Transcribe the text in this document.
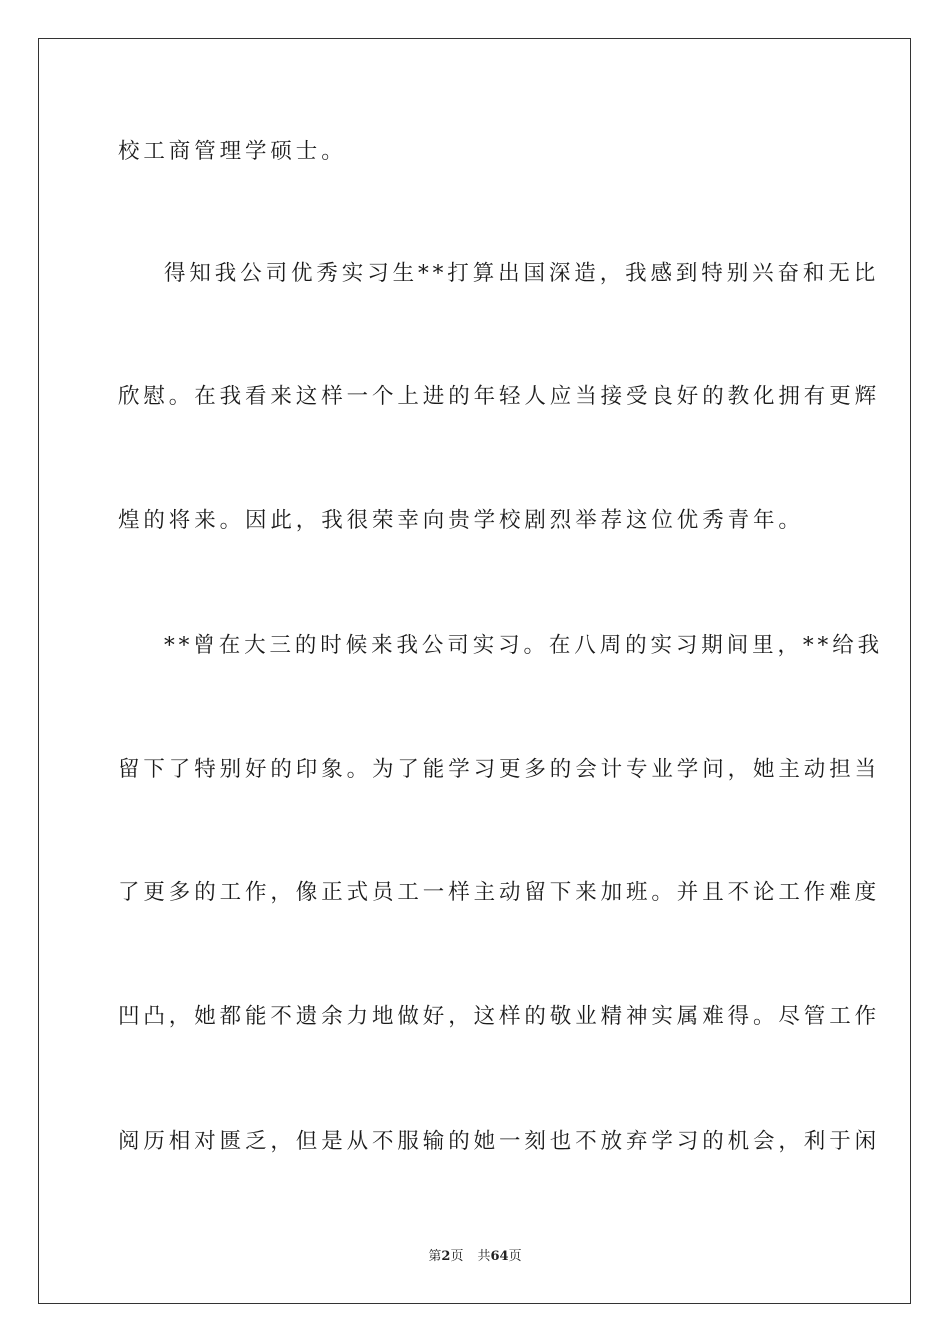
校工商管理学硕士。
得知我公司优秀实习生**打算出国深造，我感到特别兴奋和无比
欣慰。在我看来这样一个上进的年轻人应当接受良好的教化拥有更辉
煌的将来。因此，我很荣幸向贵学校剧烈举荐这位优秀青年。
**曾在大三的时候来我公司实习。在八周的实习期间里，**给我
留下了特别好的印象。为了能学习更多的会计专业学问，她主动担当
了更多的工作，像正式员工一样主动留下来加班。并且不论工作难度
凹凸，她都能不遗余力地做好，这样的敬业精神实属难得。尽管工作
阅历相对匮乏，但是从不服输的她一刻也不放弃学习的机会，利于闲
第2页 共64页
